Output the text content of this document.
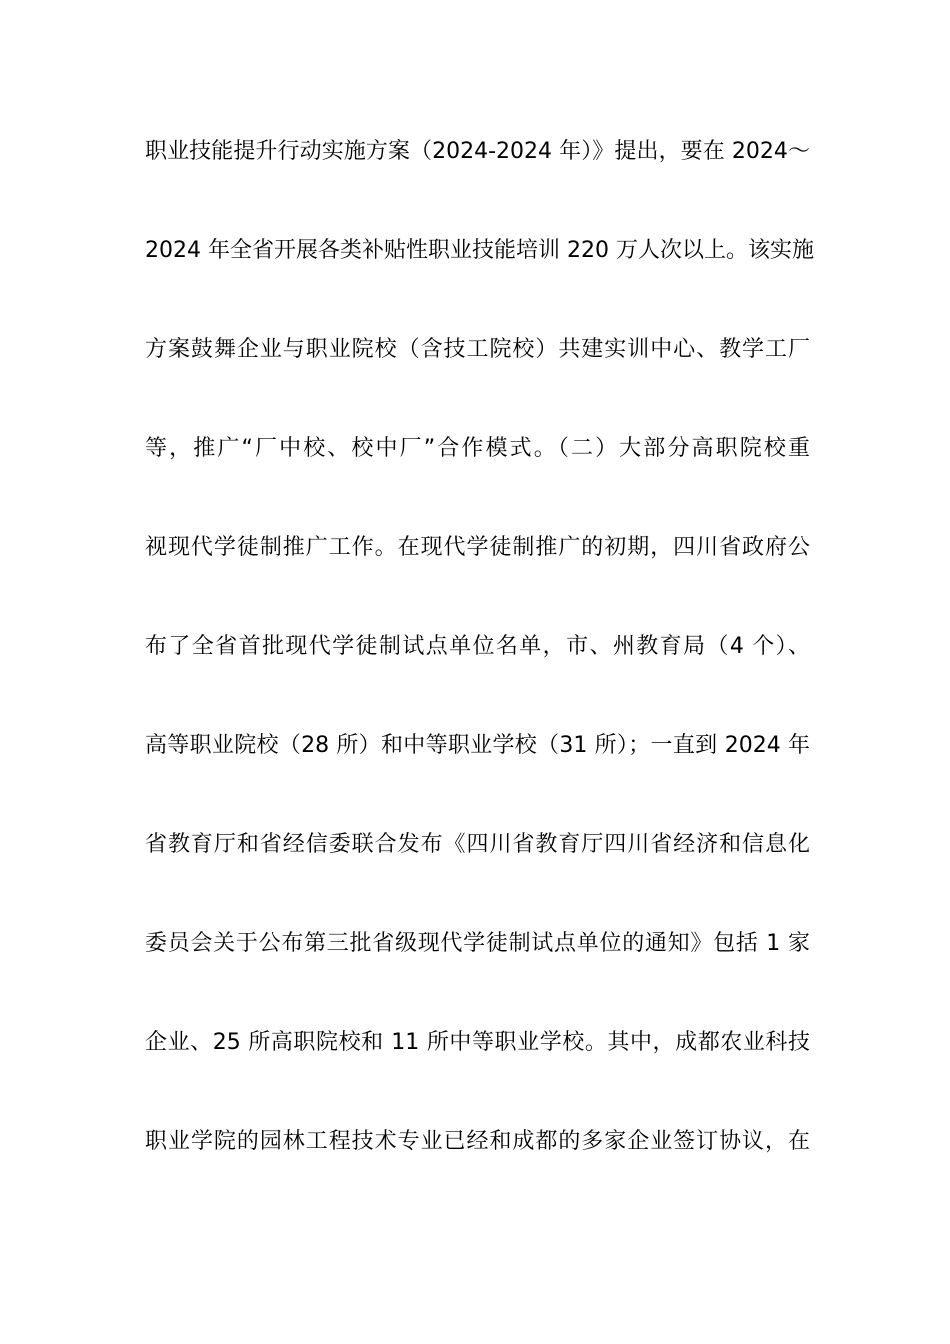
职业技能提升行动实施方案（2024-2024 年）》提出，要在 2024～
2024 年全省开展各类补贴性职业技能培训 220 万人次以上。该实施
方案鼓舞企业与职业院校（含技工院校）共建实训中心、教学工厂
等，推广“厂中校、校中厂”合作模式。（二）大部分高职院校重
视现代学徒制推广工作。在现代学徒制推广的初期，四川省政府公
布了全省首批现代学徒制试点单位名单，市、州教育局（4 个）、
高等职业院校（28 所）和中等职业学校（31 所）；一直到 2024 年
省教育厅和省经信委联合发布《四川省教育厅四川省经济和信息化
委员会关于公布第三批省级现代学徒制试点单位的通知》包括 1 家
企业、25 所高职院校和 11 所中等职业学校。其中，成都农业科技
职业学院的园林工程技术专业已经和成都的多家企业签订协议，在
